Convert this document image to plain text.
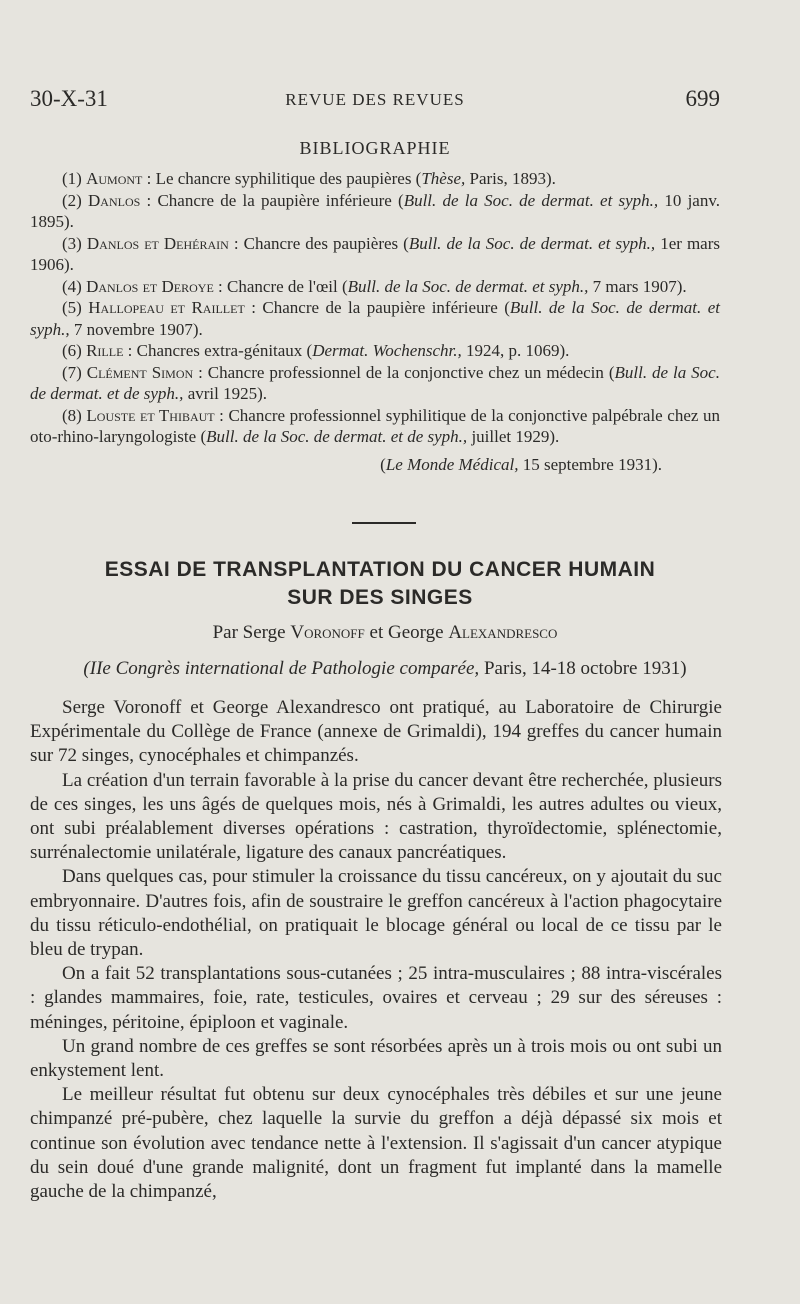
30-X-31	REVUE DES REVUES	699
BIBLIOGRAPHIE

(1) Aumont : Le chancre syphilitique des paupières (Thèse, Paris, 1893).

(2) Danlos : Chancre de la paupière inférieure (Bull. de la Soc. de dermat. et syph., 10 janv. 1895).

(3) Danlos et Dehérain : Chancre des paupières (Bull. de la Soc. de dermat. et syph., 1er mars 1906).

(4) Danlos et Deroye : Chancre de l'œil (Bull. de la Soc. de dermat. et syph., 7 mars 1907).

(5) Hallopeau et Raillet : Chancre de la paupière inférieure (Bull. de la Soc. de dermat. et syph., 7 novembre 1907).

(6) Rille : Chancres extra-génitaux (Dermat. Wochenschr., 1924, p. 1069).

(7) Clément Simon : Chancre professionnel de la conjonctive chez un médecin (Bull. de la Soc. de dermat. et de syph., avril 1925).

(8) Louste et Thibaut : Chancre professionnel syphilitique de la conjonctive palpébrale chez un oto-rhino-laryngologiste (Bull. de la Soc. de dermat. et de syph., juillet 1929).

(Le Monde Médical, 15 septembre 1931).

ESSAI DE TRANSPLANTATION DU CANCER HUMAIN
SUR DES SINGES
Par Serge Voronoff et George Alexandresco
(IIe Congrès international de Pathologie comparée, Paris, 14-18 octobre 1931)

Serge Voronoff et George Alexandresco ont pratiqué, au Laboratoire de Chirurgie Expérimentale du Collège de France (annexe de Grimaldi), 194 greffes du cancer humain sur 72 singes, cynocéphales et chimpanzés.

La création d'un terrain favorable à la prise du cancer devant être recherchée, plusieurs de ces singes, les uns âgés de quelques mois, nés à Grimaldi, les autres adultes ou vieux, ont subi préalablement diverses opérations : castration, thyroïdectomie, splénectomie, surrénalectomie unilatérale, ligature des canaux pancréatiques.

Dans quelques cas, pour stimuler la croissance du tissu cancéreux, on y ajoutait du suc embryonnaire. D'autres fois, afin de soustraire le greffon cancéreux à l'action phagocytaire du tissu réticulo-endothélial, on pratiquait le blocage général ou local de ce tissu par le bleu de trypan.

On a fait 52 transplantations sous-cutanées ; 25 intra-musculaires ; 88 intra-viscérales : glandes mammaires, foie, rate, testicules, ovaires et cerveau ; 29 sur des séreuses : méninges, péritoine, épiploon et vaginale.

Un grand nombre de ces greffes se sont résorbées après un à trois mois ou ont subi un enkystement lent.

Le meilleur résultat fut obtenu sur deux cynocéphales très débiles et sur une jeune chimpanzé pré-pubère, chez laquelle la survie du greffon a déjà dépassé six mois et continue son évolution avec tendance nette à l'extension. Il s'agissait d'un cancer atypique du sein doué d'une grande malignité, dont un fragment fut implanté dans la mamelle gauche de la chimpanzé,
